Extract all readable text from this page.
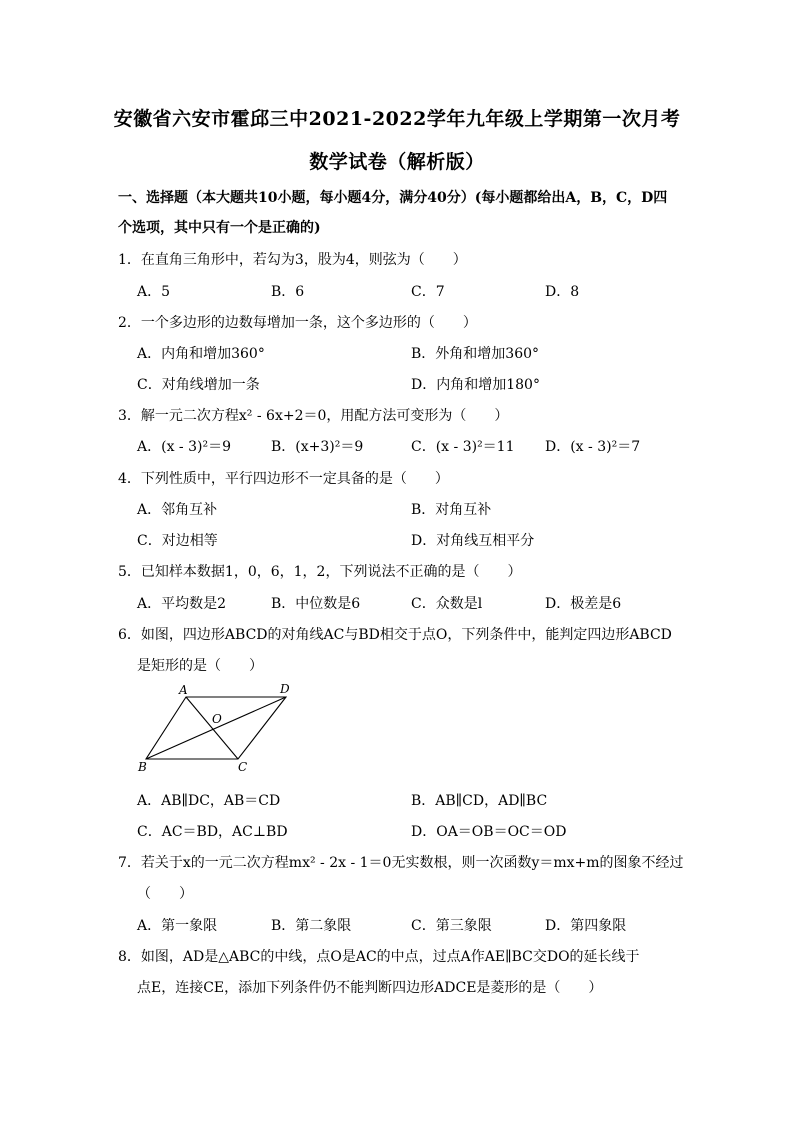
安徽省六安市霍邱三中2021-2022学年九年级上学期第一次月考
数学试卷（解析版）
一、选择题（本大题共10小题，每小题4分，满分40分）(每小题都给出A，B，C，D四
个选项，其中只有一个是正确的)
1．在直角三角形中，若勾为3，股为4，则弦为（　　）
A．5	B．6	C．7	D．8
2．一个多边形的边数每增加一条，这个多边形的（　　）
A．内角和增加360°	B．外角和增加360°
C．对角线增加一条	D．内角和增加180°
3．解一元二次方程x² - 6x+2＝0，用配方法可变形为（　　）
A．(x - 3)²＝9	B．(x+3)²＝9	C．(x - 3)²＝11 D．(x - 3)²＝7
4．下列性质中，平行四边形不一定具备的是（　　）
A．邻角互补	B．对角互补
C．对边相等	D．对角线互相平分
5．已知样本数据1，0，6，1，2，下列说法不正确的是（　　）
A．平均数是2	B．中位数是6	C．众数是l	D．极差是6
6．如图，四边形ABCD的对角线AC与BD相交于点O，下列条件中，能判定四边形ABCD
是矩形的是（　　）
A	D
O
B	C
A．AB∥DC，AB＝CD	B．AB∥CD，AD∥BC
C．AC＝BD，AC⊥BD	D．OA＝OB＝OC＝OD
7．若关于x的一元二次方程mx² - 2x - 1＝0无实数根，则一次函数y＝mx+m的图象不经过
（　　）
A．第一象限	B．第二象限	C．第三象限	D．第四象限
8．如图，AD是△ABC的中线，点O是AC的中点，过点A作AE∥BC交DO的延长线于
点E，连接CE，添加下列条件仍不能判断四边形ADCE是菱形的是（　　）
